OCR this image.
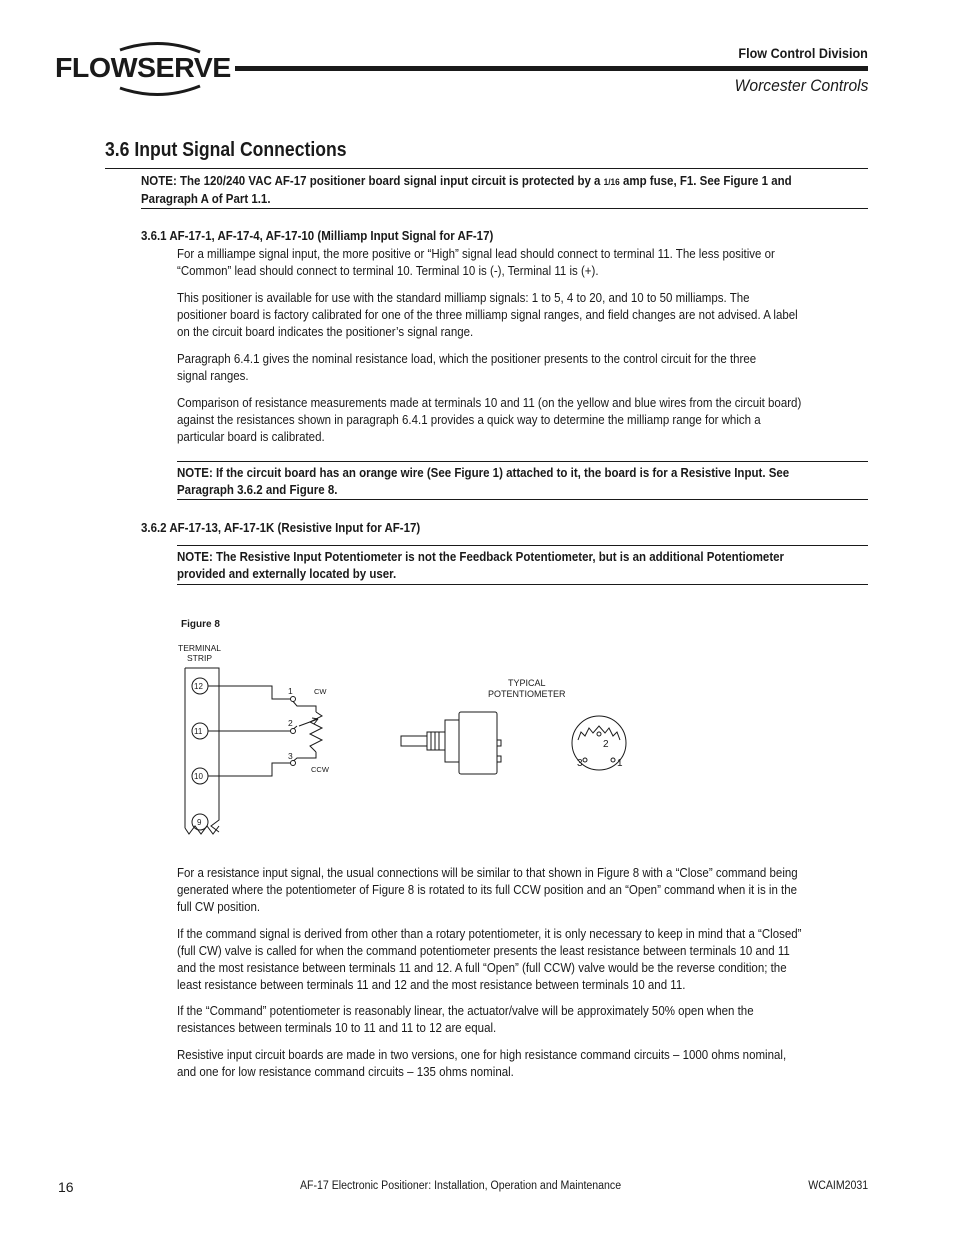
FLOWSERVE	Flow Control Division
Worcester Controls
3.6 Input Signal Connections
NOTE: The 120/240 VAC AF-17 positioner board signal input circuit is protected by a 1/16 amp fuse, F1. See Figure 1 and
Paragraph A of Part 1.1.
3.6.1 AF-17-1, AF-17-4, AF-17-10 (Milliamp Input Signal for AF-17)
For a milliampe signal input, the more positive or “High” signal lead should connect to terminal 11. The less positive or
“Common” lead should connect to terminal 10. Terminal 10 is (-), Terminal 11 is (+).
This positioner is available for use with the standard milliamp signals: 1 to 5, 4 to 20, and 10 to 50 milliamps. The
positioner board is factory calibrated for one of the three milliamp signal ranges, and field changes are not advised. A label
on the circuit board indicates the positioner’s signal range.
Paragraph 6.4.1 gives the nominal resistance load, which the positioner presents to the control circuit for the three
signal ranges.
Comparison of resistance measurements made at terminals 10 and 11 (on the yellow and blue wires from the circuit board)
against the resistances shown in paragraph 6.4.1 provides a quick way to determine the milliamp range for which a
particular board is calibrated.
NOTE: If the circuit board has an orange wire (See Figure 1) attached to it, the board is for a Resistive Input. See
Paragraph 3.6.2 and Figure 8.
3.6.2 AF-17-13, AF-17-1K (Resistive Input for AF-17)
NOTE: The Resistive Input Potentiometer is not the Feedback Potentiometer, but is an additional Potentiometer
provided and externally located by user.
Figure 8
TERMINAL
STRIP
12
11
10
9
1
2
3
CW
CCW
TYPICAL
POTENTIOMETER
2
3	1
For a resistance input signal, the usual connections will be similar to that shown in Figure 8 with a “Close” command being
generated where the potentiometer of Figure 8 is rotated to its full CCW position and an “Open” command when it is in the
full CW position.
If the command signal is derived from other than a rotary potentiometer, it is only necessary to keep in mind that a “Closed”
(full CW) valve is called for when the command potentiometer presents the least resistance between terminals 10 and 11
and the most resistance between terminals 11 and 12. A full “Open” (full CCW) valve would be the reverse condition; the
least resistance between terminals 11 and 12 and the most resistance between terminals 10 and 11.
If the “Command” potentiometer is reasonably linear, the actuator/valve will be approximately 50% open when the
resistances between terminals 10 to 11 and 11 to 12 are equal.
Resistive input circuit boards are made in two versions, one for high resistance command circuits – 1000 ohms nominal,
and one for low resistance command circuits – 135 ohms nominal.
16	AF-17 Electronic Positioner: Installation, Operation and Maintenance	WCAIM2031
